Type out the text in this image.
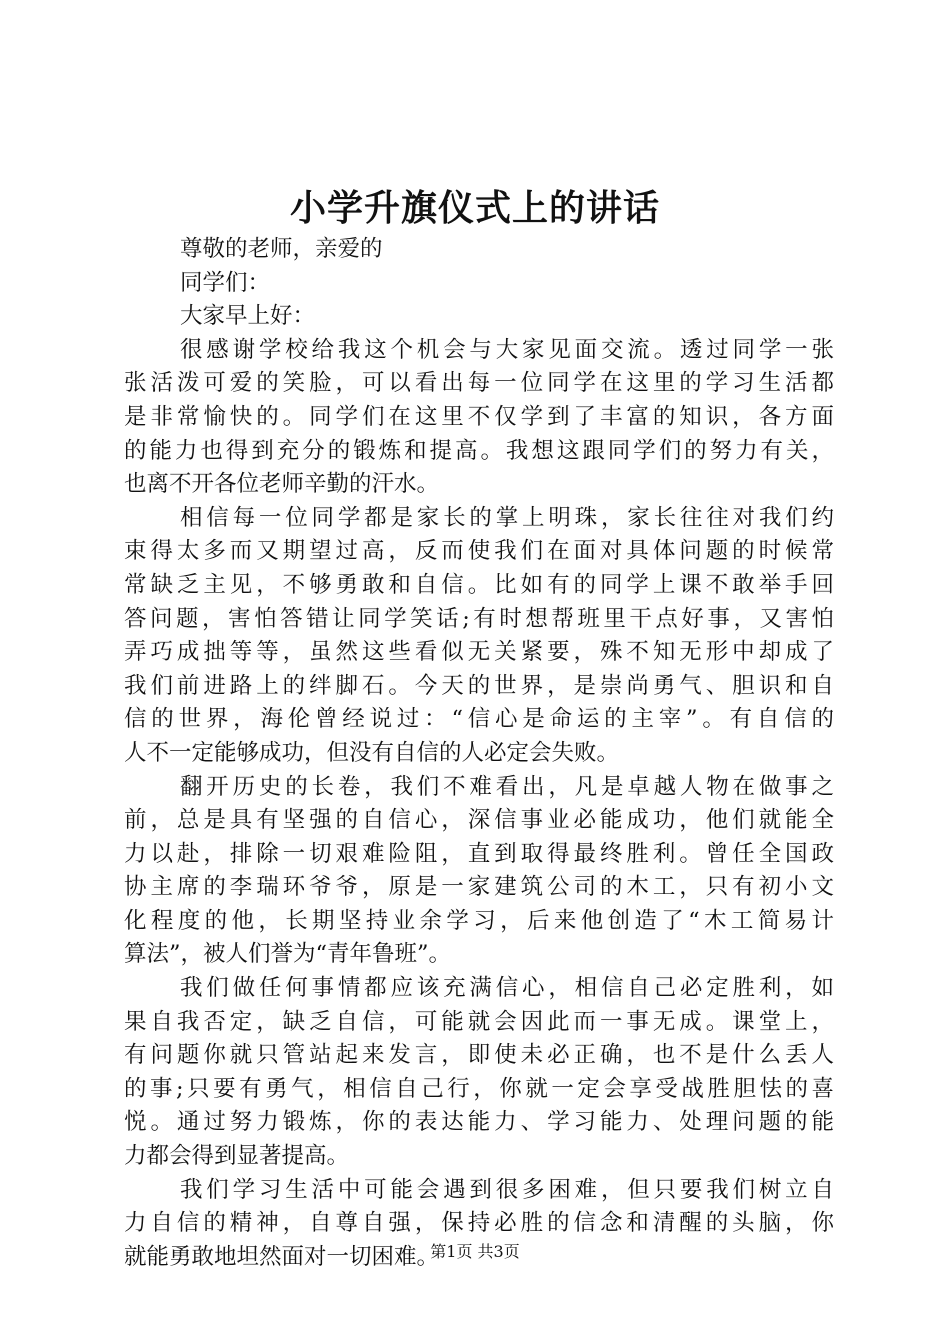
小学升旗仪式上的讲话
尊敬的老师，亲爱的
同学们：
大家早上好：
很感谢学校给我这个机会与大家见面交流。透过同学一张
张活泼可爱的笑脸，可以看出每一位同学在这里的学习生活都
是非常愉快的。同学们在这里不仅学到了丰富的知识，各方面
的能力也得到充分的锻炼和提高。我想这跟同学们的努力有关，
也离不开各位老师辛勤的汗水。
相信每一位同学都是家长的掌上明珠，家长往往对我们约
束得太多而又期望过高，反而使我们在面对具体问题的时候常
常缺乏主见，不够勇敢和自信。比如有的同学上课不敢举手回
答问题，害怕答错让同学笑话;有时想帮班里干点好事，又害怕
弄巧成拙等等，虽然这些看似无关紧要，殊不知无形中却成了
我们前进路上的绊脚石。今天的世界，是崇尚勇气、胆识和自
信的世界，海伦曾经说过：“信心是命运的主宰”。有自信的
人不一定能够成功，但没有自信的人必定会失败。
翻开历史的长卷，我们不难看出，凡是卓越人物在做事之
前，总是具有坚强的自信心，深信事业必能成功，他们就能全
力以赴，排除一切艰难险阻，直到取得最终胜利。曾任全国政
协主席的李瑞环爷爷，原是一家建筑公司的木工，只有初小文
化程度的他，长期坚持业余学习，后来他创造了“木工简易计
算法”，被人们誉为“青年鲁班”。
我们做任何事情都应该充满信心，相信自己必定胜利，如
果自我否定，缺乏自信，可能就会因此而一事无成。课堂上，
有问题你就只管站起来发言，即使未必正确，也不是什么丢人
的事;只要有勇气，相信自己行，你就一定会享受战胜胆怯的喜
悦。通过努力锻炼，你的表达能力、学习能力、处理问题的能
力都会得到显著提高。
我们学习生活中可能会遇到很多困难，但只要我们树立自
力自信的精神，自尊自强，保持必胜的信念和清醒的头脑，你
就能勇敢地坦然面对一切困难。
第1页 共3页
